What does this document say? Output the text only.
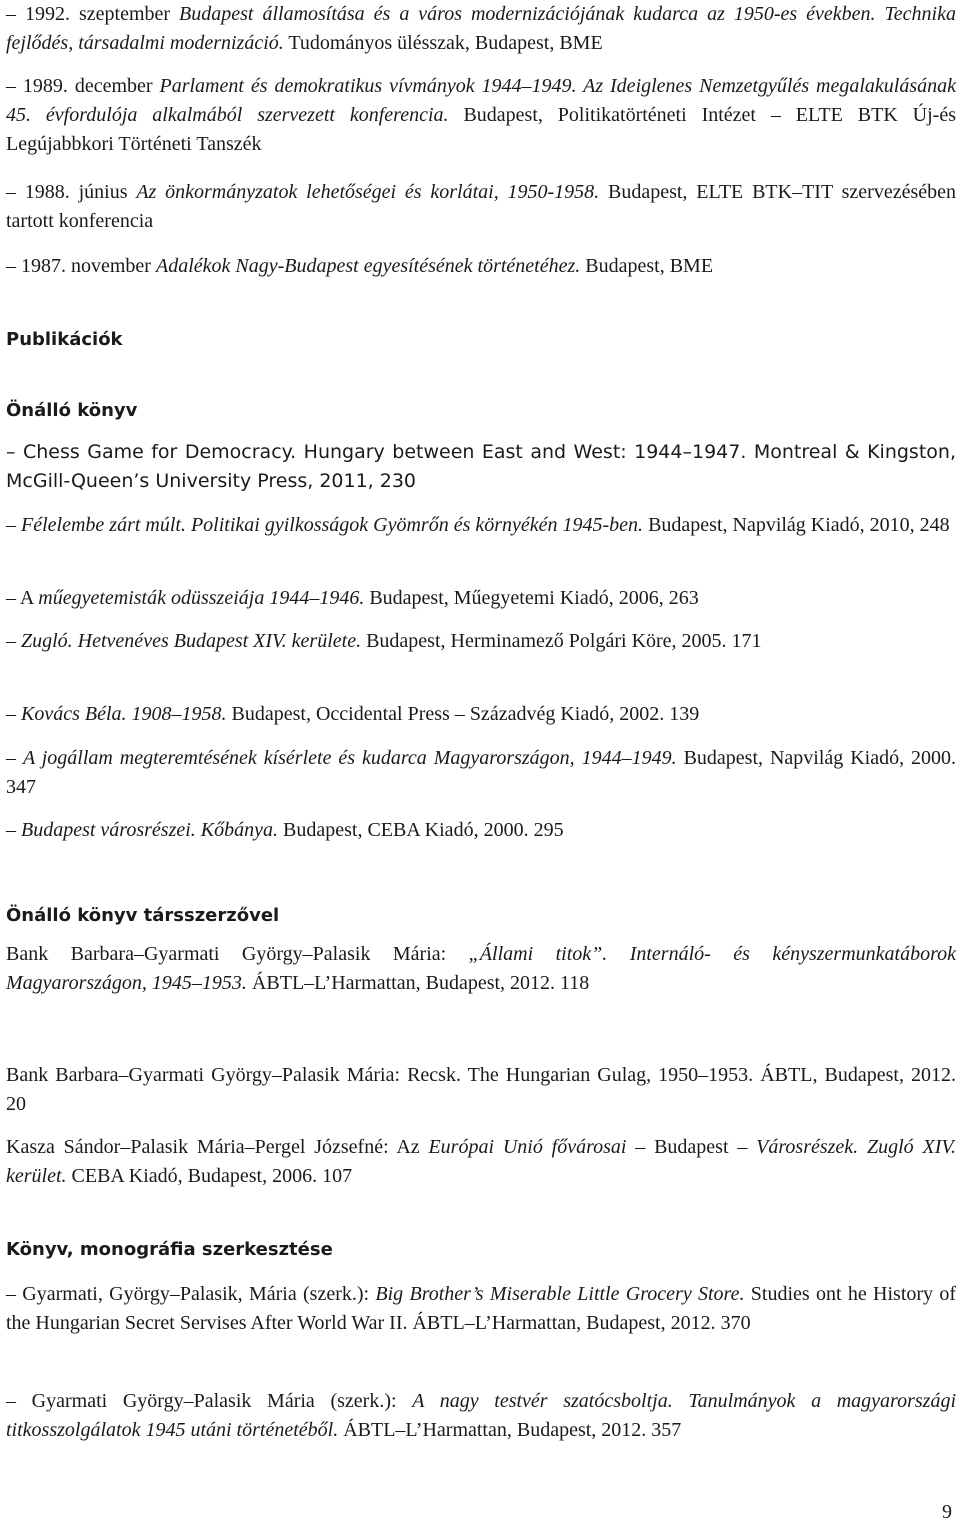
– 1992. szeptember Budapest államosítása és a város modernizációjának kudarca az 1950-es években. Technika fejlődés, társadalmi modernizáció. Tudományos ülésszak, Budapest, BME

– 1989. december Parlament és demokratikus vívmányok 1944–1949. Az Ideiglenes Nemzetgyűlés megalakulásának 45. évfordulója alkalmából szervezett konferencia. Budapest, Politikatörténeti Intézet – ELTE BTK Új-és Legújabbkori Történeti Tanszék

– 1988. június Az önkormányzatok lehetőségei és korlátai, 1950-1958. Budapest, ELTE BTK–TIT szervezésében tartott konferencia

– 1987. november Adalékok Nagy-Budapest egyesítésének történetéhez. Budapest, BME

Publikációk
Önálló könyv

– Chess Game for Democracy. Hungary between East and West: 1944–1947. Montreal & Kingston, McGill-Queen’s University Press, 2011, 230

– Félelembe zárt múlt. Politikai gyilkosságok Gyömrőn és környékén 1945-ben. Budapest, Napvilág Kiadó, 2010, 248

– A műegyetemisták odüsszeiája 1944–1946. Budapest, Műegyetemi Kiadó, 2006, 263

– Zugló. Hetvenéves Budapest XIV. kerülete. Budapest, Herminamező Polgári Köre, 2005. 171

– Kovács Béla. 1908–1958. Budapest, Occidental Press – Századvég Kiadó, 2002. 139

– A jogállam megteremtésének kísérlete és kudarca Magyarországon, 1944–1949. Budapest, Napvilág Kiadó, 2000. 347

– Budapest városrészei. Kőbánya. Budapest, CEBA Kiadó, 2000. 295

Önálló könyv társszerzővel

Bank Barbara–Gyarmati György–Palasik Mária: „Állami titok”. Internáló- és kényszermunkatáborok Magyarországon, 1945–1953. ÁBTL–L’Harmattan, Budapest, 2012. 118

Bank Barbara–Gyarmati György–Palasik Mária: Recsk. The Hungarian Gulag, 1950–1953. ÁBTL, Budapest, 2012. 20

Kasza Sándor–Palasik Mária–Pergel Józsefné: Az Európai Unió fővárosai – Budapest – Városrészek. Zugló XIV. kerület. CEBA Kiadó, Budapest, 2006. 107

Könyv, monográfia szerkesztése

– Gyarmati, György–Palasik, Mária (szerk.): Big Brother’s Miserable Little Grocery Store. Studies ont he History of the Hungarian Secret Servises After World War II. ÁBTL–L’Harmattan, Budapest, 2012. 370

– Gyarmati György–Palasik Mária (szerk.): A nagy testvér szatócsboltja. Tanulmányok a magyarországi titkosszolgálatok 1945 utáni történetéből. ÁBTL–L’Harmattan, Budapest, 2012. 357

9
